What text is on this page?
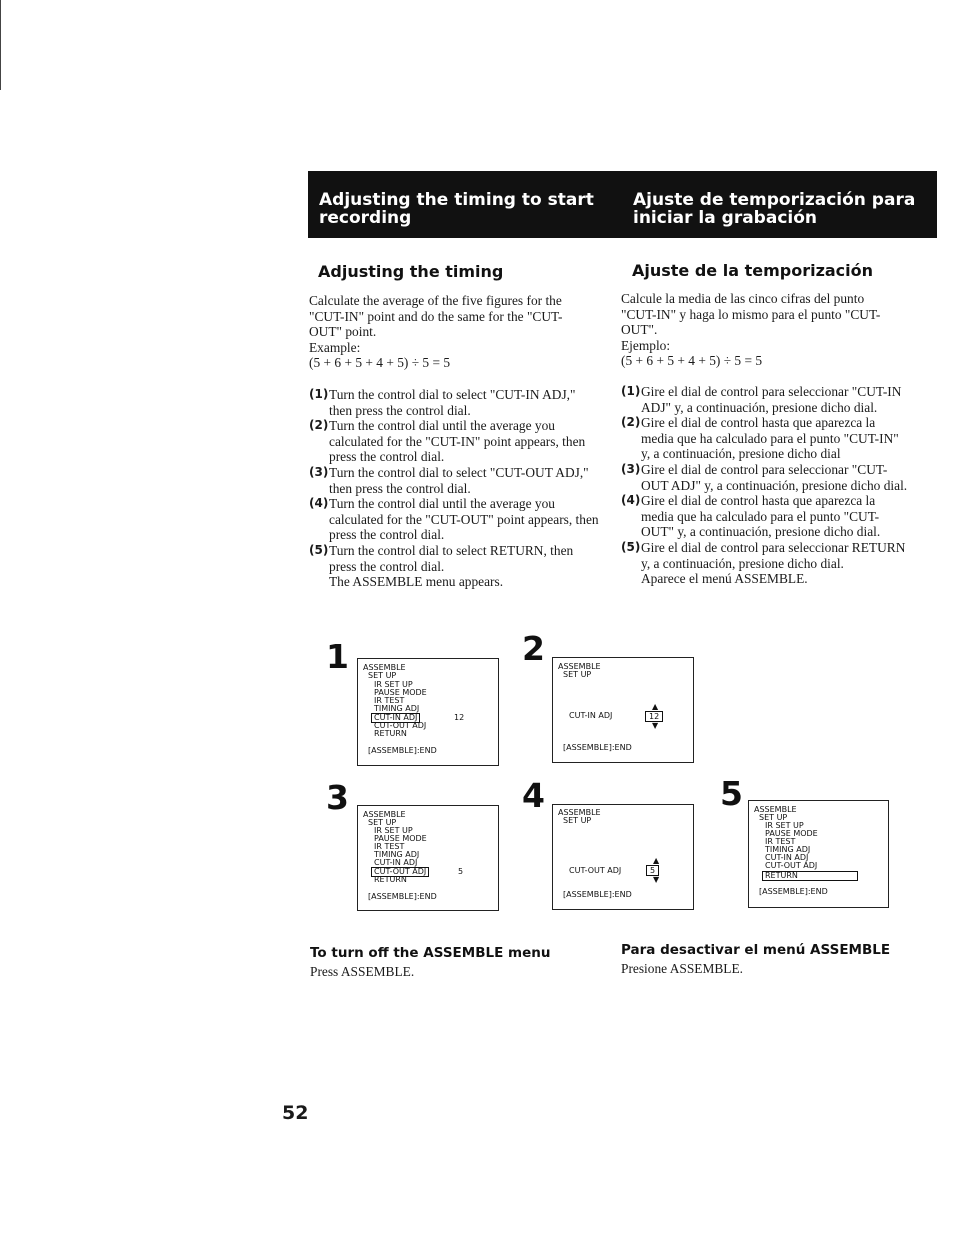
Adjusting the timing to start recording
Ajuste de temporización para iniciar la grabación
Adjusting the timing	Ajuste de la temporización
Calculate the average of the five figures for the
"CUT-IN" point and do the same for the "CUT-
OUT" point.
Example:
(5 + 6 + 5 + 4 + 5) ÷ 5 = 5
Calcule la media de las cinco cifras del punto
"CUT-IN" y haga lo mismo para el punto "CUT-
OUT".
Ejemplo:
(5 + 6 + 5 + 4 + 5) ÷ 5 = 5
(1) Turn the control dial to select "CUT-IN ADJ," then press the control dial.
(2) Turn the control dial until the average you calculated for the "CUT-IN" point appears, then press the control dial.
(3) Turn the control dial to select "CUT-OUT ADJ," then press the control dial.
(4) Turn the control dial until the average you calculated for the "CUT-OUT" point appears, then press the control dial.
(5) Turn the control dial to select RETURN, then press the control dial.
The ASSEMBLE menu appears.
(1) Gire el dial de control para seleccionar "CUT-IN ADJ" y, a continuación, presione dicho dial.
(2) Gire el dial de control hasta que aparezca la media que ha calculado para el punto "CUT-IN" y, a continuación, presione dicho dial
(3) Gire el dial de control para seleccionar "CUT-OUT ADJ" y, a continuación, presione dicho dial.
(4) Gire el dial de control hasta que aparezca la media que ha calculado para el punto "CUT-OUT" y, a continuación, presione dicho dial.
(5) Gire el dial de control para seleccionar RETURN y, a continuación, presione dicho dial.
Aparece el menú ASSEMBLE.
1 ASSEMBLE
SET UP
IR SET UP
PAUSE MODE
IR TEST
TIMING ADJ
CUT-IN ADJ
CUT-OUT ADJ
RETURN
12
[ASSEMBLE]:END
2 ASSEMBLE
SET UP
CUT-IN ADJ
▲
12
▼
[ASSEMBLE]:END
3 ASSEMBLE
SET UP
IR SET UP
PAUSE MODE
IR TEST
TIMING ADJ
CUT-IN ADJ
CUT-OUT ADJ
RETURN
5
[ASSEMBLE]:END
4 ASSEMBLE
SET UP
CUT-OUT ADJ
▲
5
▼
[ASSEMBLE]:END
5 ASSEMBLE
SET UP
IR SET UP
PAUSE MODE
IR TEST
TIMING ADJ
CUT-IN ADJ
CUT-OUT ADJ
RETURN
[ASSEMBLE]:END
To turn off the ASSEMBLE menu
Press ASSEMBLE.
Para desactivar el menú ASSEMBLE
Presione ASSEMBLE.
52
